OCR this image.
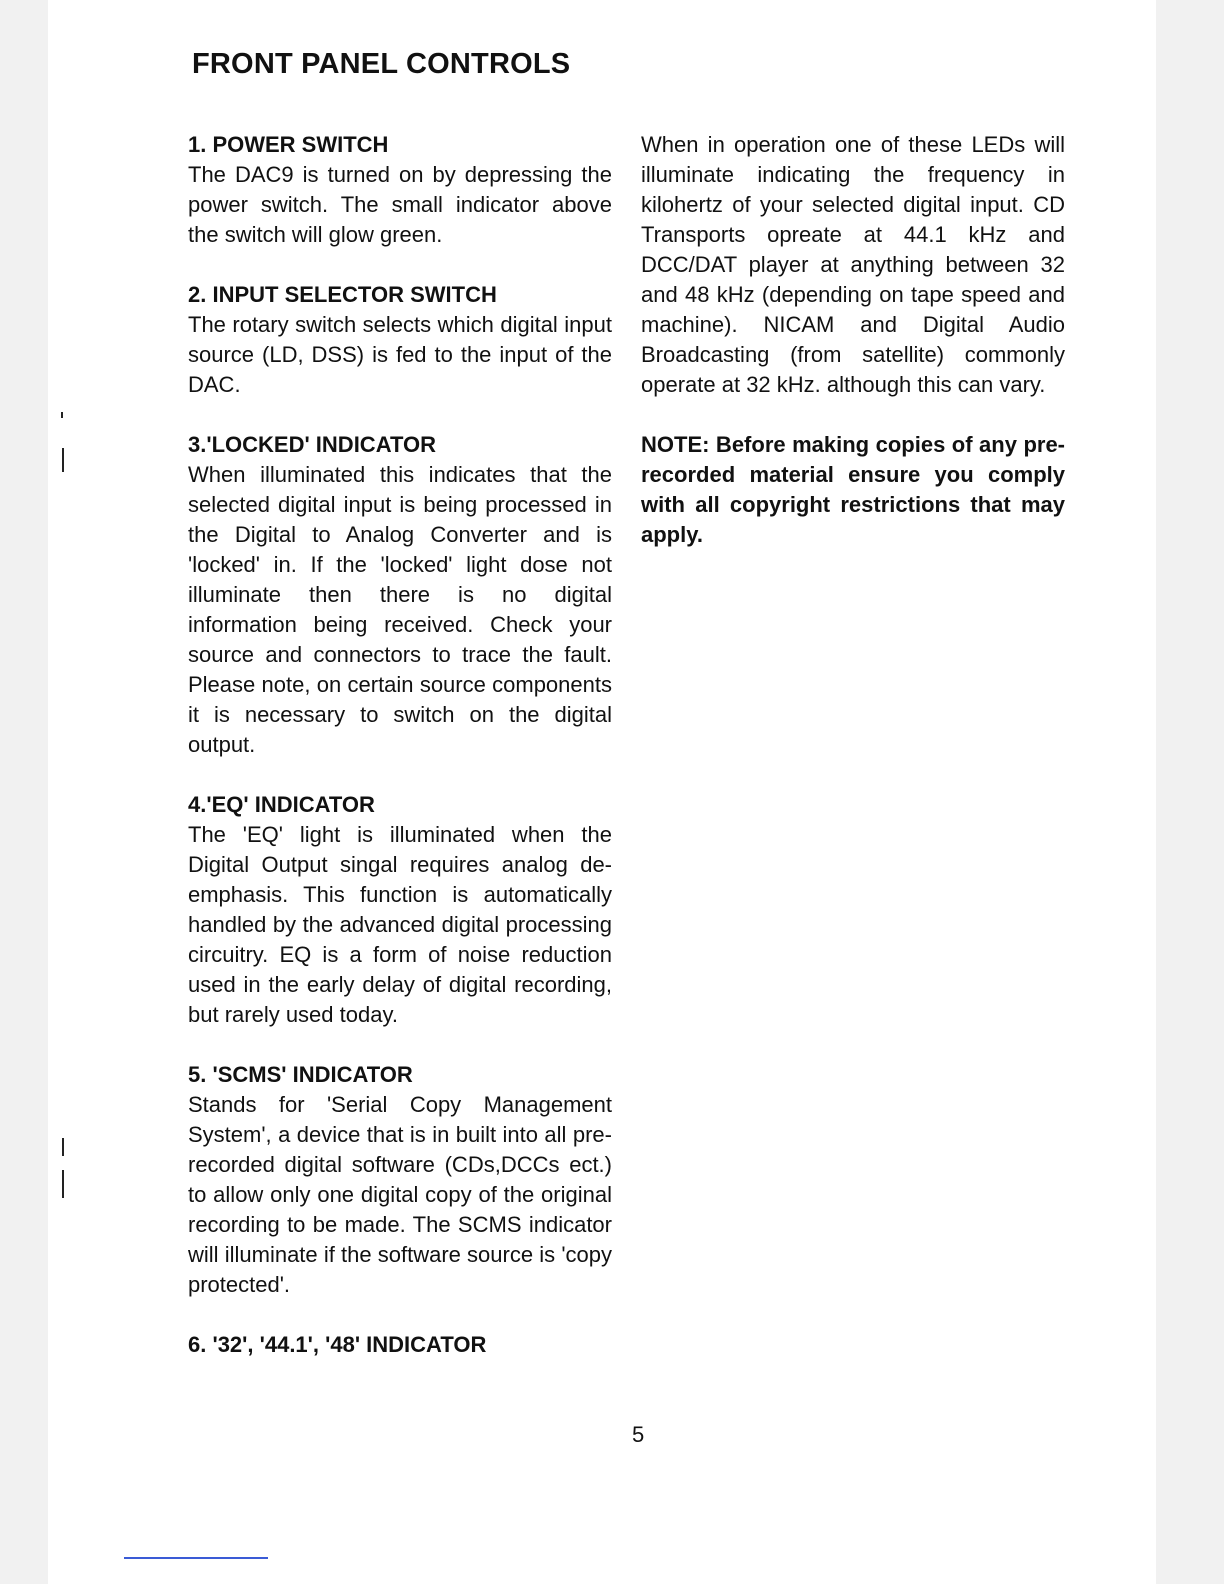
FRONT PANEL CONTROLS
1. POWER SWITCH
The DAC9 is turned on by depressing the power switch. The small indicator above the switch will glow green.
2. INPUT SELECTOR SWITCH
The rotary switch selects which digital input source (LD, DSS) is fed to the input of the DAC.
3.'LOCKED' INDICATOR
When illuminated this indicates that the selected digital input is being processed in the Digital to Analog Converter and is 'locked' in. If the 'locked' light dose not illuminate then there is no digital information being received. Check your source and connectors to trace the fault. Please note, on certain source components it is necessary to switch on the digital output.
4.'EQ' INDICATOR
The 'EQ' light is illuminated when the Digital Output singal requires analog de-emphasis. This function is automatically handled by the advanced digital processing circuitry. EQ is a form of noise reduction used in the early delay of digital recording, but rarely used today.
5. 'SCMS' INDICATOR
Stands for 'Serial Copy Management System', a device that is in built into all pre-recorded digital software (CDs,DCCs ect.) to allow only one digital copy of the original recording to be made. The SCMS indicator will illuminate if the software source is 'copy protected'.
6. '32', '44.1', '48' INDICATOR
When in operation one of these LEDs will illuminate indicating the frequency in kilohertz of your selected digital input. CD Transports opreate at 44.1 kHz and DCC/DAT player at anything between 32 and 48 kHz (depending on tape speed and machine). NICAM and Digital Audio Broadcasting (from satellite) commonly operate at 32 kHz. although this can vary.
NOTE: Before making copies of any pre-recorded material ensure you comply with all copyright restrictions that may apply.
5
